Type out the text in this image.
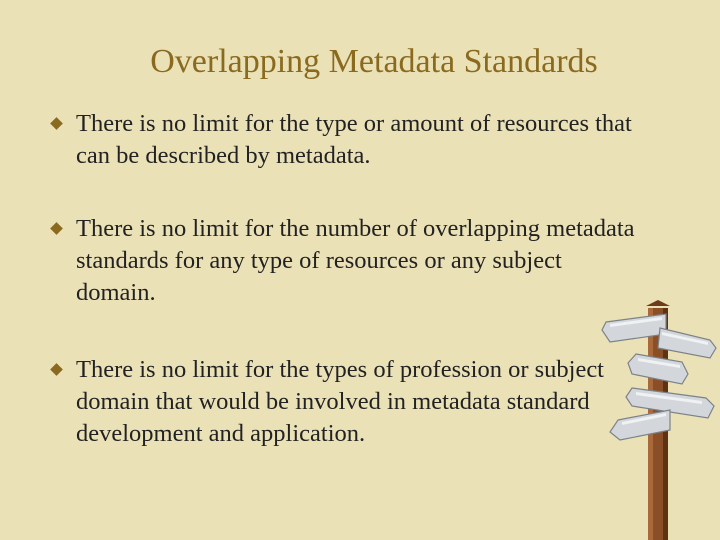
Overlapping Metadata Standards
There is no limit for the type or amount of resources that can be described by metadata.
There is no limit for the number of overlapping metadata standards for any type of resources or any subject domain.
There is no limit for the types of profession or subject domain that would be involved in metadata standard development and application.
